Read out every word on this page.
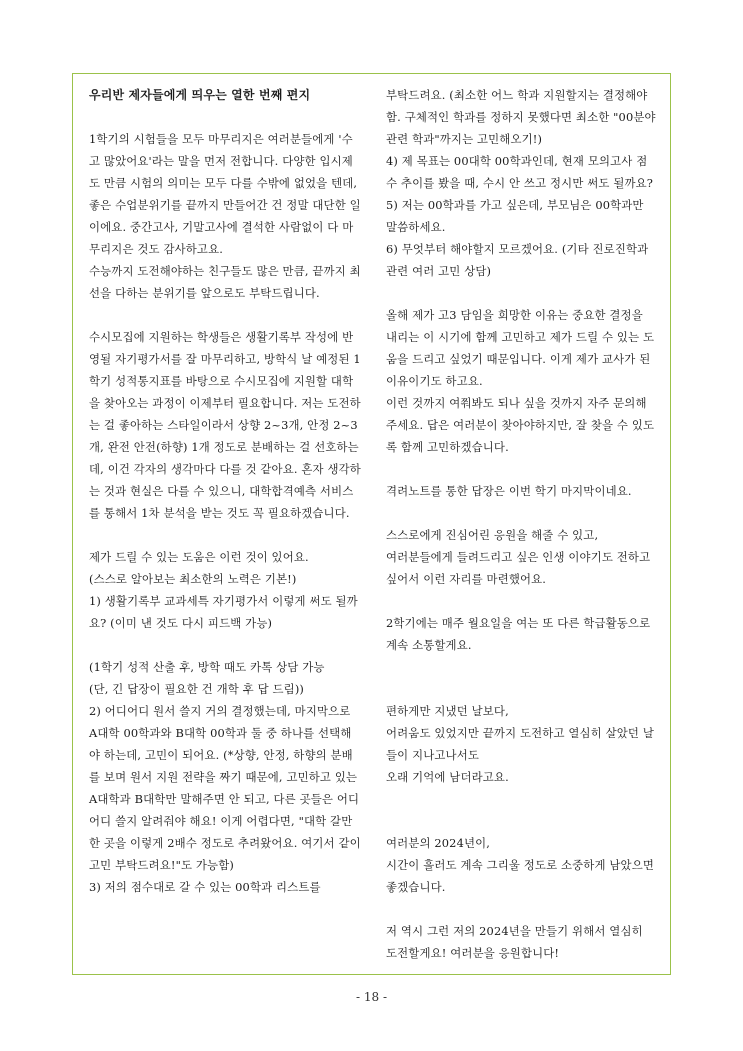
우리반 제자들에게 띄우는 열한 번째 편지

1학기의 시험들을 모두 마무리지은 여러분들에게 '수고 많았어요'라는 말을 먼저 전합니다. 다양한 입시제도 만큼 시험의 의미는 모두 다를 수밖에 없었을 텐데, 좋은 수업분위기를 끝까지 만들어간 건 정말 대단한 일이에요. 중간고사, 기말고사에 결석한 사람없이 다 마무리지은 것도 감사하고요.

수능까지 도전해야하는 친구들도 많은 만큼, 끝까지 최선을 다하는 분위기를 앞으로도 부탁드립니다.

수시모집에 지원하는 학생들은 생활기록부 작성에 반영될 자기평가서를 잘 마무리하고, 방학식 날 예정된 1학기 성적통지표를 바탕으로 수시모집에 지원할 대학을 찾아오는 과정이 이제부터 필요합니다. 저는 도전하는 걸 좋아하는 스타일이라서 상향 2~3개, 안정 2~3개, 완전 안전(하향) 1개 정도로 분배하는 걸 선호하는데, 이건 각자의 생각마다 다를 것 같아요. 혼자 생각하는 것과 현실은 다를 수 있으니, 대학합격예측 서비스를 통해서 1차 분석을 받는 것도 꼭 필요하겠습니다.

제가 드릴 수 있는 도움은 이런 것이 있어요.

(스스로 알아보는 최소한의 노력은 기본!)

1) 생활기록부 교과세특 자기평가서 이렇게 써도 될까요? (이미 낸 것도 다시 피드백 가능)

(1학기 성적 산출 후, 방학 때도 카톡 상담 가능

(단, 긴 답장이 필요한 건 개학 후 답 드림))

2) 어디어디 원서 쓸지 거의 결정했는데, 마지막으로 A대학 00학과와 B대학 00학과 둘 중 하나를 선택해야 하는데, 고민이 되어요. (*상향, 안정, 하향의 분배를 보며 원서 지원 전략을 짜기 때문에, 고민하고 있는 A대학과 B대학만 말해주면 안 되고, 다른 곳들은 어디어디 쓸지 알려줘야 해요! 이게 어렵다면, "대학 갈만한 곳을 이렇게 2배수 정도로 추려왔어요. 여기서 같이 고민 부탁드려요!"도 가능함)

3) 저의 점수대로 갈 수 있는 00학과 리스트를

부탁드려요. (최소한 어느 학과 지원할지는 결정해야 함. 구체적인 학과를 정하지 못했다면 최소한 "00분야 관련 학과"까지는 고민해오기!)

4) 제 목표는 00대학 00학과인데, 현재 모의고사 점수 추이를 봤을 때, 수시 안 쓰고 정시만 써도 될까요?

5) 저는 00학과를 가고 싶은데, 부모님은 00학과만 말씀하세요.

6) 무엇부터 해야할지 모르겠어요. (기타 진로진학과 관련 여러 고민 상담)

올해 제가 고3 담임을 희망한 이유는 중요한 결정을 내리는 이 시기에 함께 고민하고 제가 드릴 수 있는 도움을 드리고 싶었기 때문입니다. 이게 제가 교사가 된 이유이기도 하고요.

이런 것까지 여쭤봐도 되나 싶을 것까지 자주 문의해주세요. 답은 여러분이 찾아야하지만, 잘 찾을 수 있도록 함께 고민하겠습니다.

격려노트를 통한 답장은 이번 학기 마지막이네요.

스스로에게 진심어린 응원을 해줄 수 있고,

여러분들에게 들려드리고 싶은 인생 이야기도 전하고 싶어서 이런 자리를 마련했어요.

2학기에는 매주 월요일을 여는 또 다른 학급활동으로 계속 소통할게요.

편하게만 지냈던 날보다,

어려움도 있었지만 끝까지 도전하고 열심히 살았던 날들이 지나고나서도

오래 기억에 남더라고요.

여러분의 2024년이,

시간이 흘러도 계속 그리울 정도로 소중하게 남았으면 좋겠습니다.

저 역시 그런 저의 2024년을 만들기 위해서 열심히 도전할게요! 여러분을 응원합니다!

- 18 -
